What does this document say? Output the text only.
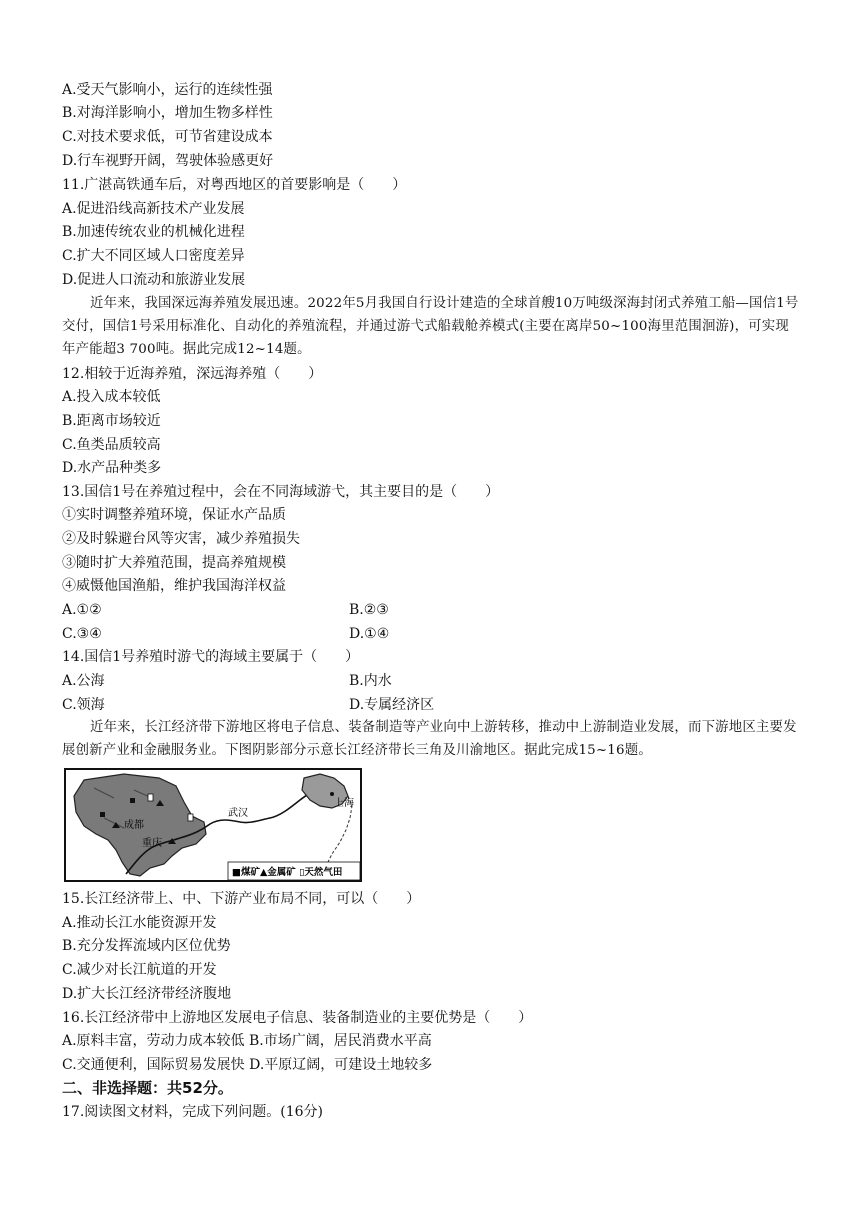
A.受天气影响小，运行的连续性强
B.对海洋影响小，增加生物多样性
C.对技术要求低，可节省建设成本
D.行车视野开阔，驾驶体验感更好
11.广湛高铁通车后，对粤西地区的首要影响是（　　）
A.促进沿线高新技术产业发展
B.加速传统农业的机械化进程
C.扩大不同区域人口密度差异
D.促进人口流动和旅游业发展
近年来，我国深远海养殖发展迅速。2022年5月我国自行设计建造的全球首艘10万吨级深海封闭式养殖工船—国信1号交付，国信1号采用标准化、自动化的养殖流程，并通过游弋式船载舱养模式(主要在离岸50~100海里范围洄游)，可实现年产能超3 700吨。据此完成12~14题。
12.相较于近海养殖，深远海养殖（　　）
A.投入成本较低
B.距离市场较近
C.鱼类品质较高
D.水产品种类多
13.国信1号在养殖过程中，会在不同海域游弋，其主要目的是（　　）
①实时调整养殖环境，保证水产品质
②及时躲避台风等灾害，减少养殖损失
③随时扩大养殖范围，提高养殖规模
④威慑他国渔船，维护我国海洋权益
A.①②	B.②③
C.③④	D.①④
14.国信1号养殖时游弋的海域主要属于（　　）
A.公海	B.内水
C.领海	D.专属经济区
近年来，长江经济带下游地区将电子信息、装备制造等产业向中上游转移，推动中上游制造业发展，而下游地区主要发展创新产业和金融服务业。下图阴影部分示意长江经济带长三角及川渝地区。据此完成15~16题。
成都
重庆
武汉
上海
■煤矿▲金属矿 ▯天然气田
15.长江经济带上、中、下游产业布局不同，可以（　　）
A.推动长江水能资源开发
B.充分发挥流域内区位优势
C.减少对长江航道的开发
D.扩大长江经济带经济腹地
16.长江经济带中上游地区发展电子信息、装备制造业的主要优势是（　　）
A.原料丰富，劳动力成本较低 B.市场广阔，居民消费水平高
C.交通便利，国际贸易发展快 D.平原辽阔，可建设土地较多
二、非选择题：共52分。
17.阅读图文材料，完成下列问题。(16分)
